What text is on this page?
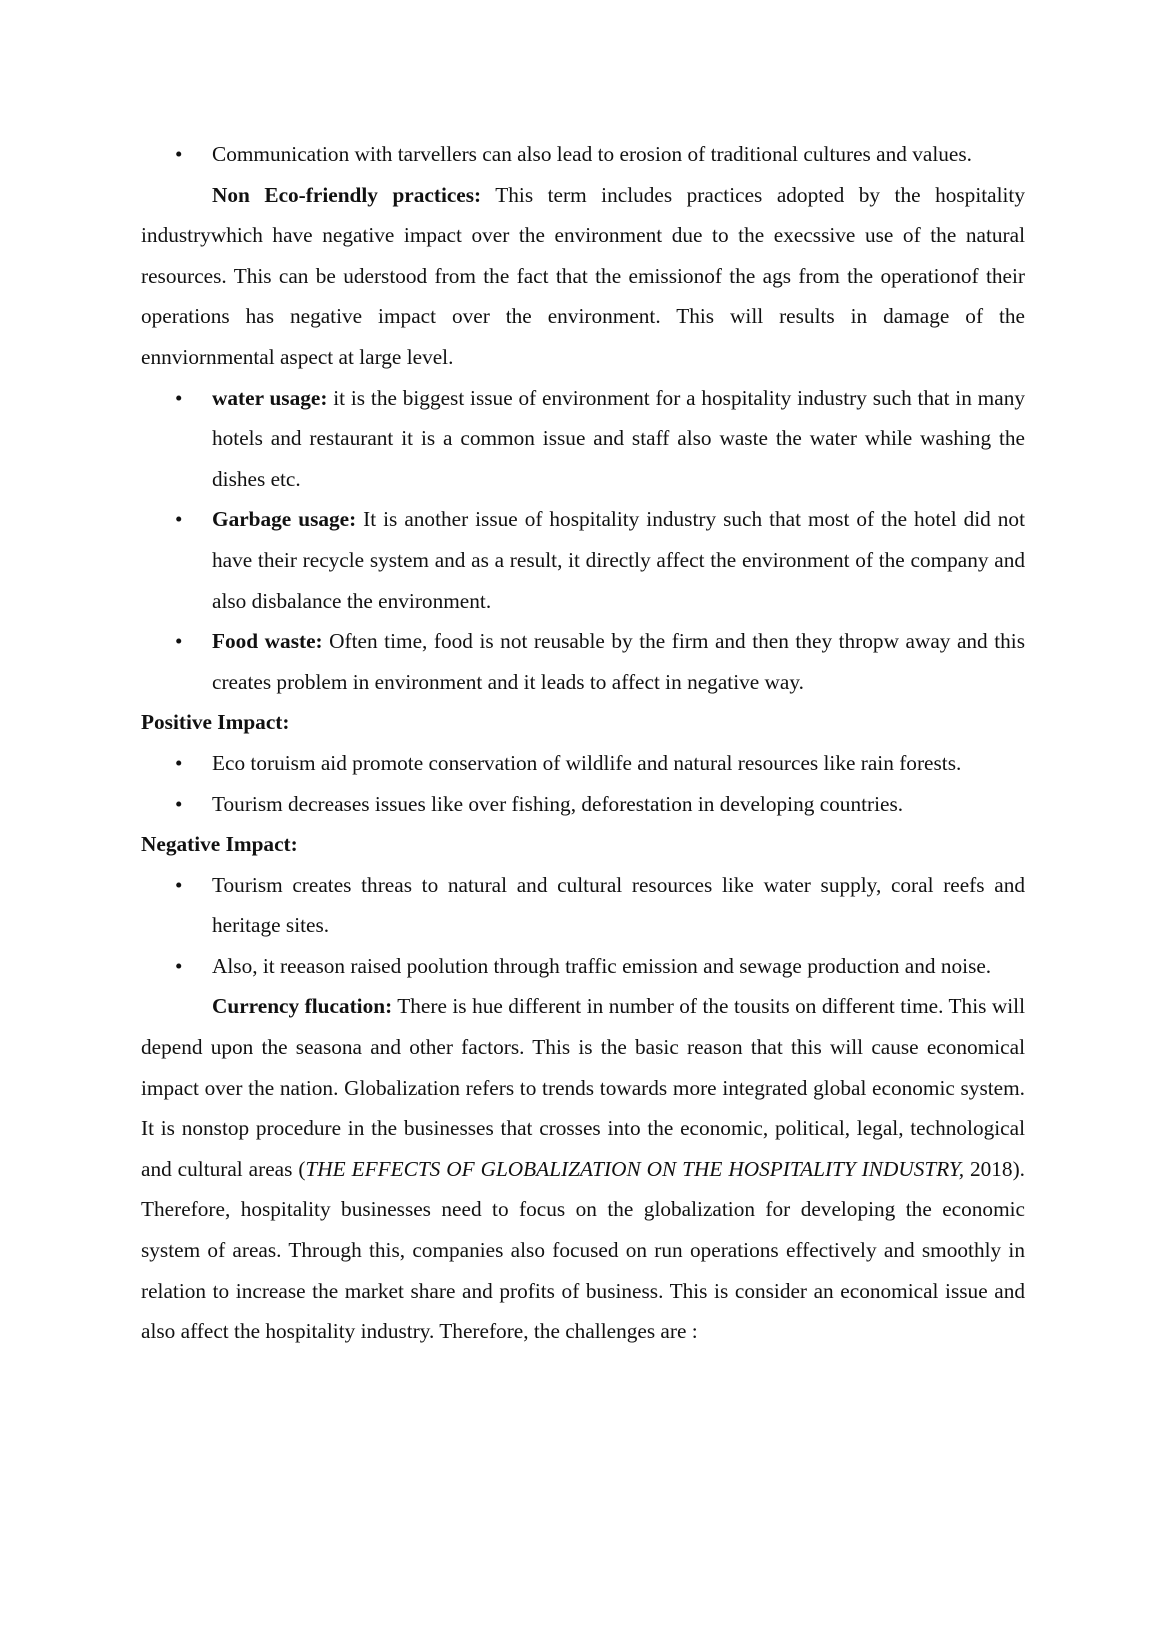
• Communication with tarvellers can also lead to erosion of traditional cultures and values.

Non Eco-friendly practices: This term includes practices adopted by the hospitality industrywhich have negative impact over the environment due to the execssive use of the natural resources. This can be uderstood from the fact that the emissionof the ags from the operationof their operations has negative impact over the environment. This will results in damage of the ennviornmental aspect at large level.

• water usage: it is the biggest issue of environment for a hospitality industry such that in many hotels and restaurant it is a common issue and staff also waste the water while washing the dishes etc.
• Garbage usage: It is another issue of hospitality industry such that most of the hotel did not have their recycle system and as a result, it directly affect the environment of the company and also disbalance the environment.
• Food waste: Often time, food is not reusable by the firm and then they thropw away and this creates problem in environment and it leads to affect in negative way.

Positive Impact:

• Eco toruism aid promote conservation of wildlife and natural resources like rain forests.
• Tourism decreases issues like over fishing, deforestation in developing countries.

Negative Impact:

• Tourism creates threas to natural and cultural resources like water supply, coral reefs and heritage sites.
• Also, it reeason raised poolution through traffic emission and sewage production and noise.

Currency flucation: There is hue different in number of the tousits on different time. This will depend upon the seasona and other factors. This is the basic reason that this will cause economical impact over the nation. Globalization refers to trends towards more integrated global economic system. It is nonstop procedure in the businesses that crosses into the economic, political, legal, technological and cultural areas (THE EFFECTS OF GLOBALIZATION ON THE HOSPITALITY INDUSTRY, 2018). Therefore, hospitality businesses need to focus on the globalization for developing the economic system of areas. Through this, companies also focused on run operations effectively and smoothly in relation to increase the market share and profits of business. This is consider an economical issue and also affect the hospitality industry. Therefore, the challenges are :
